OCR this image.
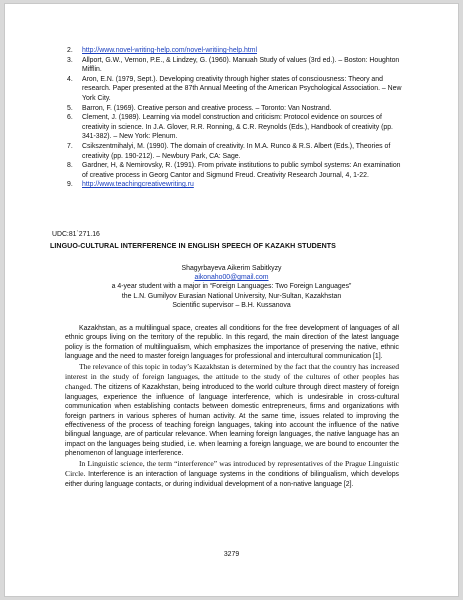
2. http://www.novel-writing-help.com/novel-writiing-help.html
3. Allport, G.W., Vernon, P.E., & Lindzey, G. (1960). Manuah Study of values (3rd ed.). – Boston: Houghton Mifflin.
4. Aron, E.N. (1979, Sept.). Developing creativity through higher states of consciousness: Theory and research. Paper presented at the 87th Annual Meeting of the American Psychological Association. – New York City.
5. Barron, F. (1969). Creative person and creative process. – Toronto: Van Nostrand.
6. Clement, J. (1989). Learning via model construction and criticism: Protocol evidence on sources of creativity in science. In J.A. Glover, R.R. Ronning, & C.R. Reynolds (Eds.), Handbook of creativity (pp. 341-382). – New York: Plenum.
7. Csikszentmihalyi, M. (1990). The domain of creativity. In M.A. Runco & R.S. Albert (Eds.), Theories of creativity (pp. 190-212). – Newbury Park, CA: Sage.
8. Gardner, H, & Nemirovsky, R. (1991). From private institutions to public symbol systems: An examination of creative process in Georg Cantor and Sigmund Freud. Creativity Research Journal, 4, 1-22.
9. http://www.teachingcreativewriting.ru
UDC:81`271.16
LINGUO-CULTURAL INTERFERENCE IN ENGLISH SPEECH OF KAZAKH STUDENTS
Shagyrbayeva Aikerim Sabitkyzy
aikonaho00@gmail.com
a 4-year student with a major in “Foreign Languages: Two Foreign Languages”
the L.N. Gumilyov Eurasian National University, Nur-Sultan, Kazakhstan
Scientific supervisor – B.H. Kussanova

Kazakhstan, as a multilingual space, creates all conditions for the free development of languages of all ethnic groups living on the territory of the republic. In this regard, the main direction of the latest language policy is the formation of multilingualism, which emphasizes the importance of preserving the native, ethnic language and the need to master foreign languages for professional and intercultural communication [1].

The relevance of this topic in today’s Kazakhstan is determined by the fact that the country has increased interest in the study of foreign languages, the attitude to the study of the cultures of other peoples has changed. The citizens of Kazakhstan, being introduced to the world culture through direct mastery of foreign languages, experience the influence of language interference, which is undesirable in cross-cultural communication when establishing contacts between domestic entrepreneurs, firms and organizations with foreign partners in various spheres of human activity. At the same time, issues related to improving the effectiveness of the process of teaching foreign languages, taking into account the influence of the native bilingual language, are of particular relevance. When learning foreign languages, the native language has an impact on the languages being studied, i.e. when learning a foreign language, we are bound to encounter the phenomenon of language interference.

In Linguistic science, the term “interference” was introduced by representatives of the Prague Linguistic Circle. Interference is an interaction of language systems in the conditions of bilingualism, which develops either during language contacts, or during individual development of a non-native language [2].

3279
